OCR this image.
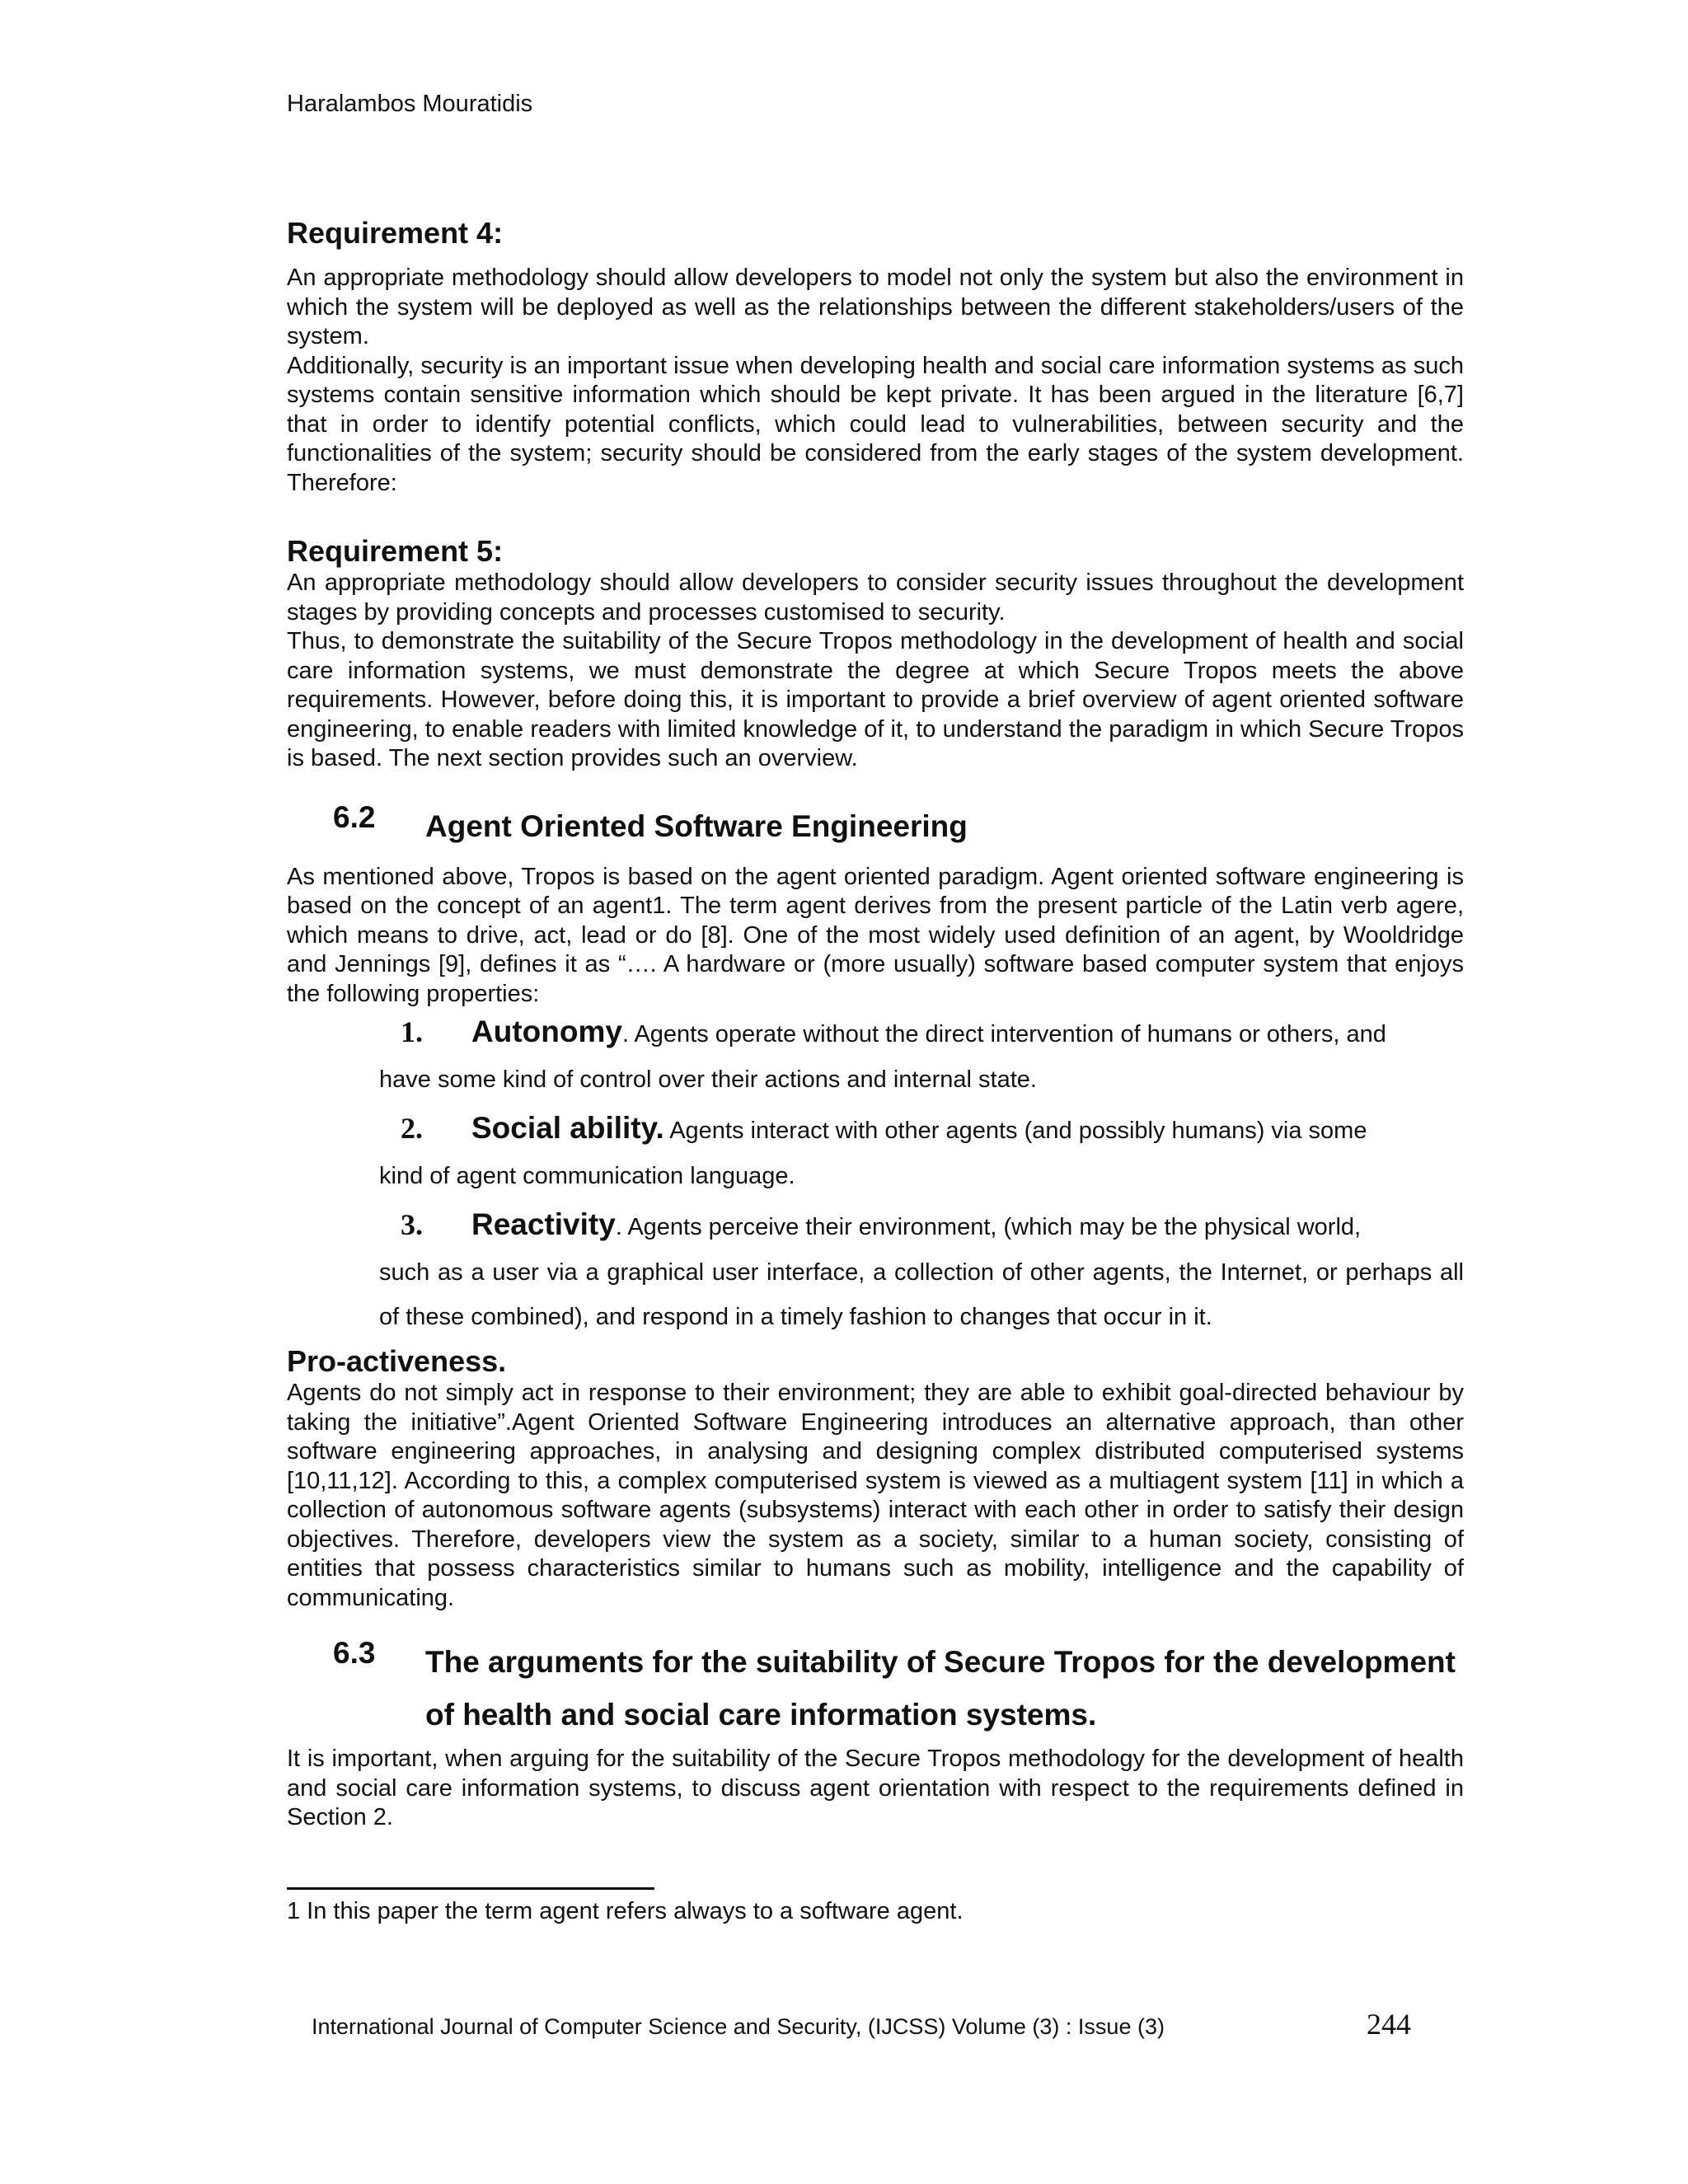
Haralambos Mouratidis
Requirement 4:

An appropriate methodology should allow developers to model not only the system but also the environment in which the system will be deployed as well as the relationships between the different stakeholders/users of the system.

Additionally, security is an important issue when developing health and social care information systems as such systems contain sensitive information which should be kept private. It has been argued in the literature [6,7] that in order to identify potential conflicts, which could lead to vulnerabilities, between security and the functionalities of the system; security should be considered from the early stages of the system development. Therefore:

Requirement 5:

An appropriate methodology should allow developers to consider security issues throughout the development stages by providing concepts and processes customised to security.

Thus, to demonstrate the suitability of the Secure Tropos methodology in the development of health and social care information systems, we must demonstrate the degree at which Secure Tropos meets the above requirements. However, before doing this, it is important to provide a brief overview of agent oriented software engineering, to enable readers with limited knowledge of it, to understand the paradigm in which Secure Tropos is based. The next section provides such an overview.

6.2	Agent Oriented Software Engineering

As mentioned above, Tropos is based on the agent oriented paradigm. Agent oriented software engineering is based on the concept of an agent1. The term agent derives from the present particle of the Latin verb agere, which means to drive, act, lead or do [8]. One of the most widely used definition of an agent, by Wooldridge and Jennings [9], defines it as “…. A hardware or (more usually) software based computer system that enjoys the following properties:

1.	Autonomy. Agents operate without the direct intervention of humans or others, and
have some kind of control over their actions and internal state.
2.	Social ability. Agents interact with other agents (and possibly humans) via some
kind of agent communication language.
3.	Reactivity. Agents perceive their environment, (which may be the physical world,
such as a user via a graphical user interface, a collection of other agents, the Internet, or perhaps all of these combined), and respond in a timely fashion to changes that occur in it.
Pro-activeness.

Agents do not simply act in response to their environment; they are able to exhibit goal-directed behaviour by taking the initiative”.Agent Oriented Software Engineering introduces an alternative approach, than other software engineering approaches, in analysing and designing complex distributed computerised systems [10,11,12]. According to this, a complex computerised system is viewed as a multiagent system [11] in which a collection of autonomous software agents (subsystems) interact with each other in order to satisfy their design objectives. Therefore, developers view the system as a society, similar to a human society, consisting of entities that possess characteristics similar to humans such as mobility, intelligence and the capability of communicating.

6.3	The arguments for the suitability of Secure Tropos for the development of health and social care information systems.

It is important, when arguing for the suitability of the Secure Tropos methodology for the development of health and social care information systems, to discuss agent orientation with respect to the requirements defined in Section 2.

1 In this paper the term agent refers always to a software agent.
International Journal of Computer Science and Security, (IJCSS) Volume (3) : Issue (3)	244
